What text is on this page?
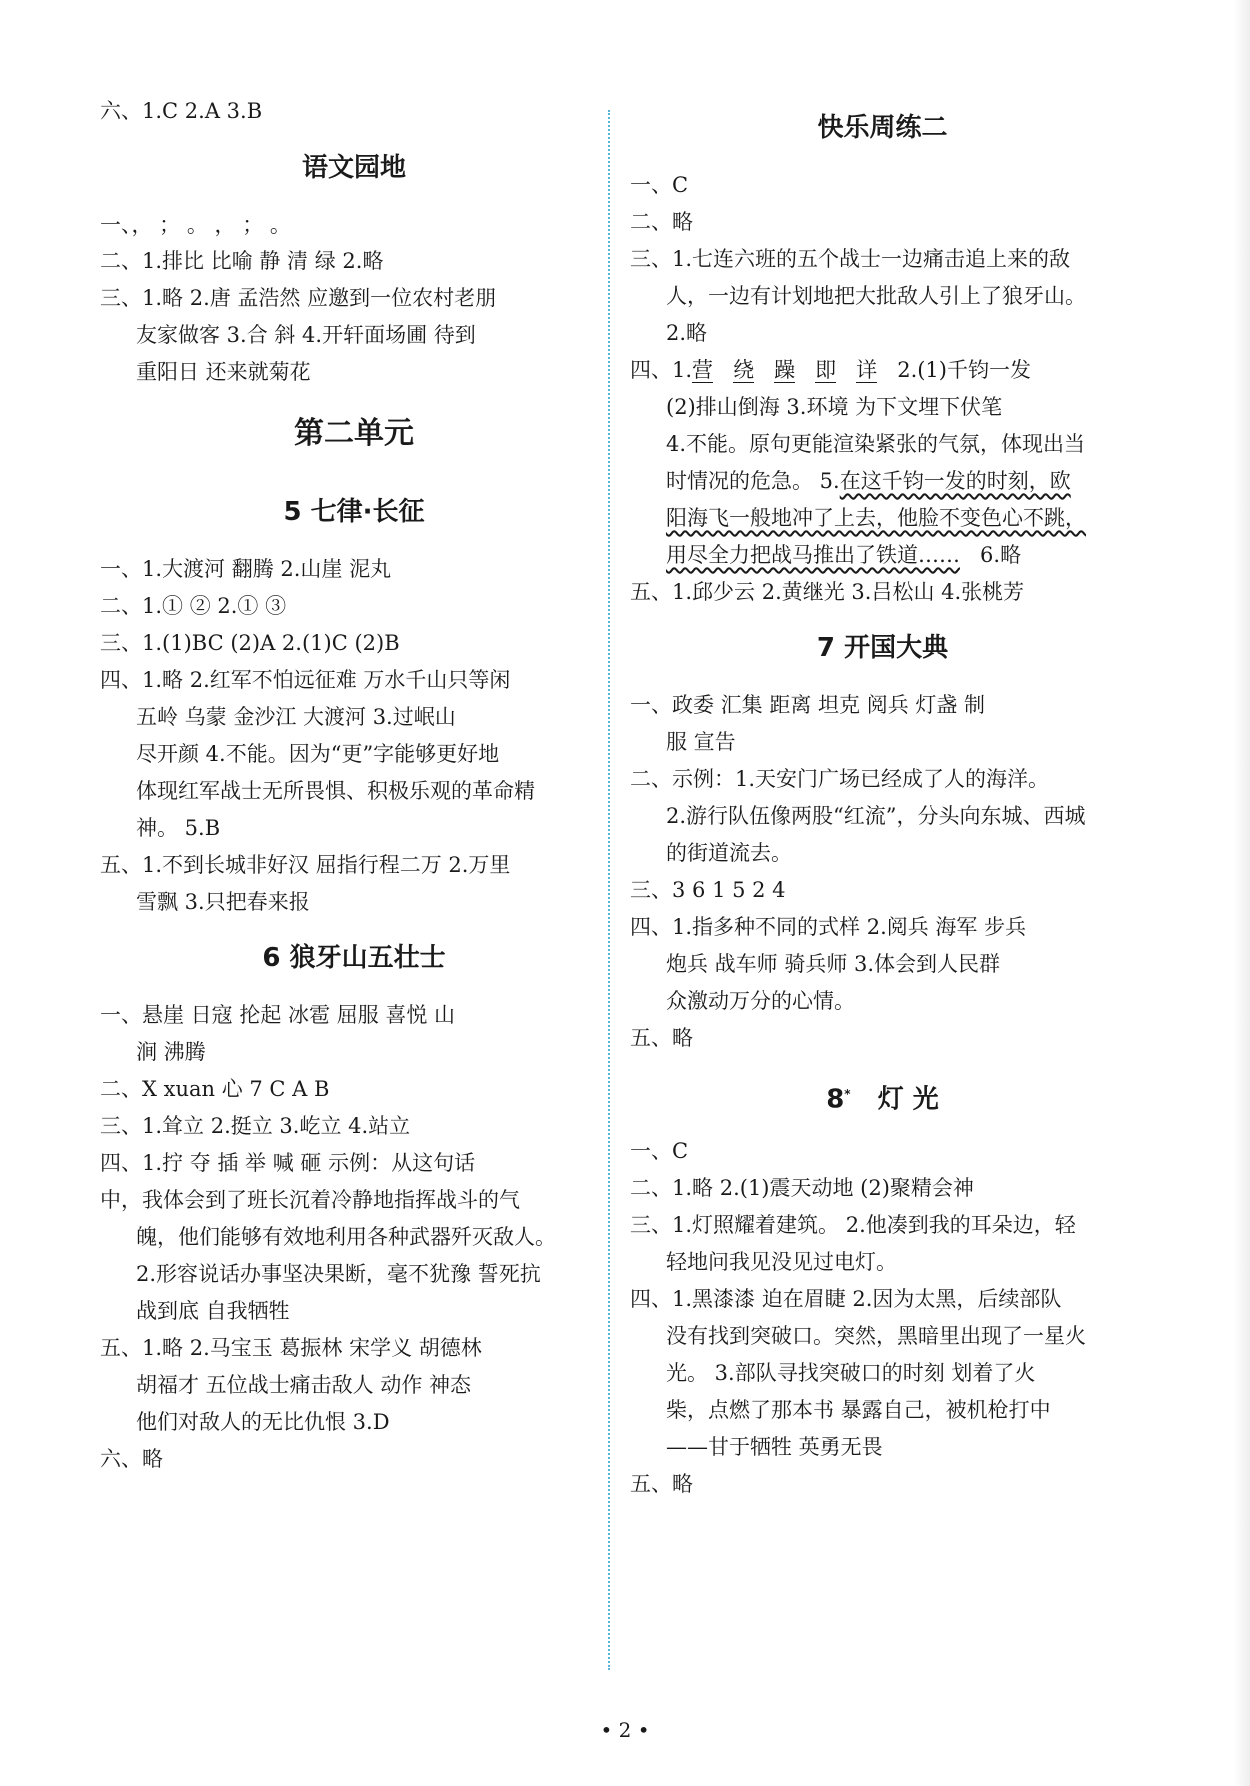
六、1.C 2.A 3.B
语文园地
一、， ； 。 ， ； 。
二、1.排比 比喻 静 清 绿 2.略
三、1.略 2.唐 孟浩然 应邀到一位农村老朋
友家做客 3.合 斜 4.开轩面场圃 待到
重阳日 还来就菊花
第二单元
5 七律·长征
一、1.大渡河 翻腾 2.山崖 泥丸
二、1.① ② 2.① ③
三、1.(1)BC (2)A 2.(1)C (2)B
四、1.略 2.红军不怕远征难 万水千山只等闲
五岭 乌蒙 金沙江 大渡河 3.过岷山
尽开颜 4.不能。因为“更”字能够更好地
体现红军战士无所畏惧、积极乐观的革命精
神。 5.B
五、1.不到长城非好汉 屈指行程二万 2.万里
雪飘 3.只把春来报
6 狼牙山五壮士
一、悬崖 日寇 抡起 冰雹 屈服 喜悦 山
涧 沸腾
二、X xuan 心 7 C A B
三、1.耸立 2.挺立 3.屹立 4.站立
四、1.拧 夺 插 举 喊 砸 示例：从这句话
中，我体会到了班长沉着冷静地指挥战斗的气
魄，他们能够有效地利用各种武器歼灭敌人。
2.形容说话办事坚决果断，毫不犹豫 誓死抗
战到底 自我牺牲
五、1.略 2.马宝玉 葛振林 宋学义 胡德林
胡福才 五位战士痛击敌人 动作 神态
他们对敌人的无比仇恨 3.D
六、略
快乐周练二
一、C
二、略
三、1.七连六班的五个战士一边痛击追上来的敌
人，一边有计划地把大批敌人引上了狼牙山。
2.略
四、1.营 绕 躁 即 详 2.(1)千钧一发
(2)排山倒海 3.环境 为下文埋下伏笔
4.不能。原句更能渲染紧张的气氛，体现出当
时情况的危急。 5.在这千钧一发的时刻，欧
阳海飞一般地冲了上去，他脸不变色心不跳，
用尽全力把战马推出了铁道…… 6.略
五、1.邱少云 2.黄继光 3.吕松山 4.张桃芳
7 开国大典
一、政委 汇集 距离 坦克 阅兵 灯盏 制
服 宣告
二、示例：1.天安门广场已经成了人的海洋。
2.游行队伍像两股“红流”，分头向东城、西城
的街道流去。
三、3 6 1 5 2 4
四、1.指多种不同的式样 2.阅兵 海军 步兵
炮兵 战车师 骑兵师 3.体会到人民群
众激动万分的心情。
五、略
8* 灯 光
一、C
二、1.略 2.(1)震天动地 (2)聚精会神
三、1.灯照耀着建筑。 2.他凑到我的耳朵边，轻
轻地问我见没见过电灯。
四、1.黑漆漆 迫在眉睫 2.因为太黑，后续部队
没有找到突破口。突然，黑暗里出现了一星火
光。 3.部队寻找突破口的时刻 划着了火
柴，点燃了那本书 暴露自己，被机枪打中
——甘于牺牲 英勇无畏
五、略
• 2 •
